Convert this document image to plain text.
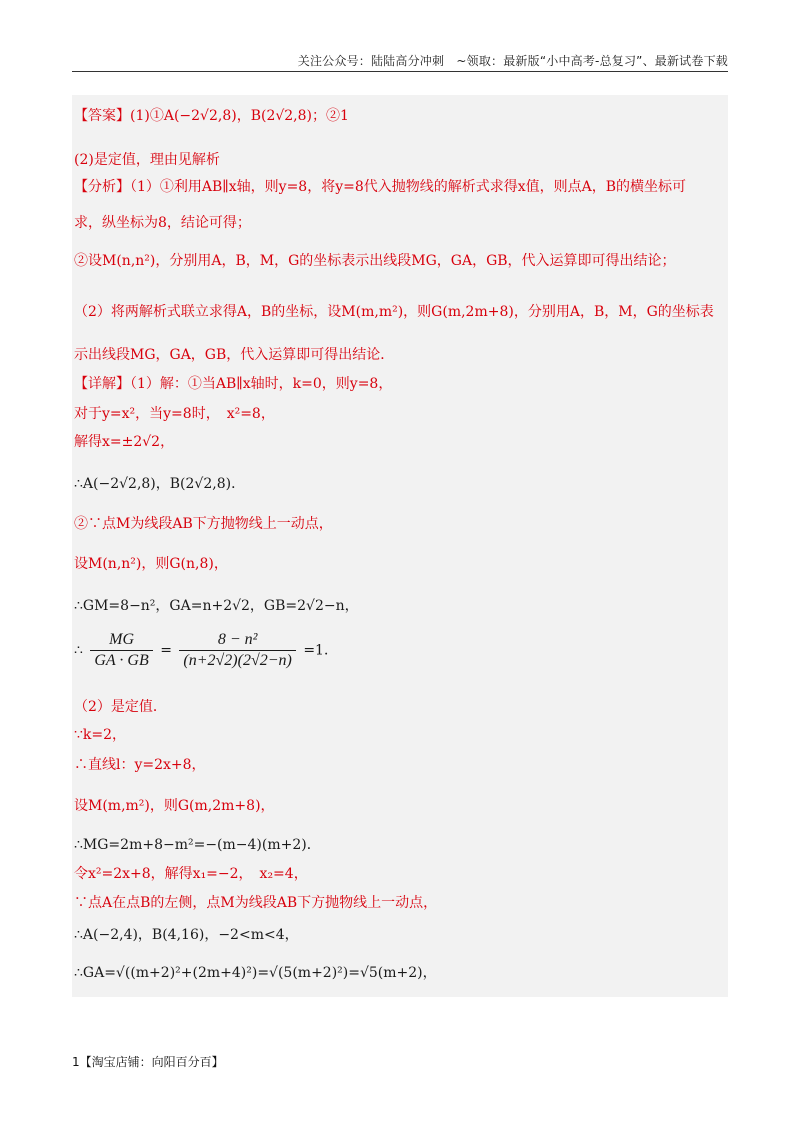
关注公众号：陆陆高分冲刺　~领取：最新版“小中高考-总复习”、最新试卷下载
【答案】(1)①A(−2√2,8)，B(2√2,8)；②1
(2)是定值，理由见解析
【分析】（1）①利用AB∥x轴，则y=8，将y=8代入抛物线的解析式求得x值，则点A，B的横坐标可
求，纵坐标为8，结论可得；
②设M(n,n²)，分别用A，B，M，G的坐标表示出线段MG，GA，GB，代入运算即可得出结论；
（2）将两解析式联立求得A，B的坐标，设M(m,m²)，则G(m,2m+8)，分别用A，B，M，G的坐标表
示出线段MG，GA，GB，代入运算即可得出结论．
【详解】（1）解：①当AB∥x轴时，k=0，则y=8，
对于y=x²，当y=8时，　x²=8，
解得x=±2√2，
∴A(−2√2,8)，B(2√2,8)．
②∵点M为线段AB下方抛物线上一动点，
设M(n,n²)，则G(n,8)，
∴GM=8−n²，GA=n+2√2，GB=2√2−n，
∴ $\frac{MG}{GA \cdot GB} = \frac{\text{8 − n²}}{(n+2√2)(2√2-n)} =1$．
（2）是定值．
∵k=2，
∴直线l：y=2x+8，
设M(m,m²)，则G(m,2m+8)，
∴MG=2m+8−m²=−(m−4)(m+2)．
令x²=2x+8，解得x₁=−2，　x₂=4，
∵点A在点B的左侧，点M为线段AB下方抛物线上一动点，
∴A(−2,4)，B(4,16)，−2<m<4，
∴GA=√((m+2)²+(2m+4)²)=√(5(m+2)²)=√5(m+2)，
1【淘宝店铺：向阳百分百】
